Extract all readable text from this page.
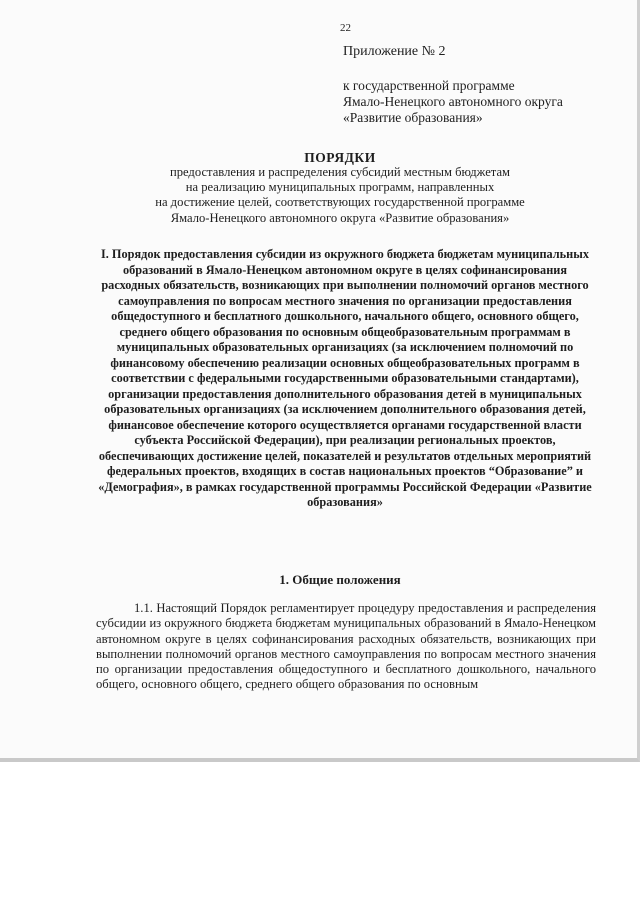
22

Приложение № 2
к государственной программе
Ямало-Ненецкого автономного округа
«Развитие образования»
ПОРЯДКИ
предоставления и распределения субсидий местным бюджетам
на реализацию муниципальных программ, направленных
на достижение целей, соответствующих государственной программе
Ямало-Ненецкого автономного округа «Развитие образования»
I. Порядок предоставления субсидии из окружного бюджета бюджетам муниципальных образований в Ямало-Ненецком автономном округе в целях софинансирования расходных обязательств, возникающих при выполнении полномочий органов местного самоуправления по вопросам местного значения по организации предоставления общедоступного и бесплатного дошкольного, начального общего, основного общего, среднего общего образования по основным общеобразовательным программам в муниципальных образовательных организациях (за исключением полномочий по финансовому обеспечению реализации основных общеобразовательных программ в соответствии с федеральными государственными образовательными стандартами), организации предоставления дополнительного образования детей в муниципальных образовательных организациях (за исключением дополнительного образования детей, финансовое обеспечение которого осуществляется органами государственной власти субъекта Российской Федерации), при реализации региональных проектов, обеспечивающих достижение целей, показателей и результатов отдельных мероприятий федеральных проектов, входящих в состав национальных проектов “Образование” и «Демография», в рамках государственной программы Российской Федерации «Развитие образования»
1. Общие положения

1.1. Настоящий Порядок регламентирует процедуру предоставления и распределения субсидии из окружного бюджета бюджетам муниципальных образований в Ямало-Ненецком автономном округе в целях софинансирования расходных обязательств, возникающих при выполнении полномочий органов местного самоуправления по вопросам местного значения по организации предоставления общедоступного и бесплатного дошкольного, начального общего, основного общего, среднего общего образования по основным
